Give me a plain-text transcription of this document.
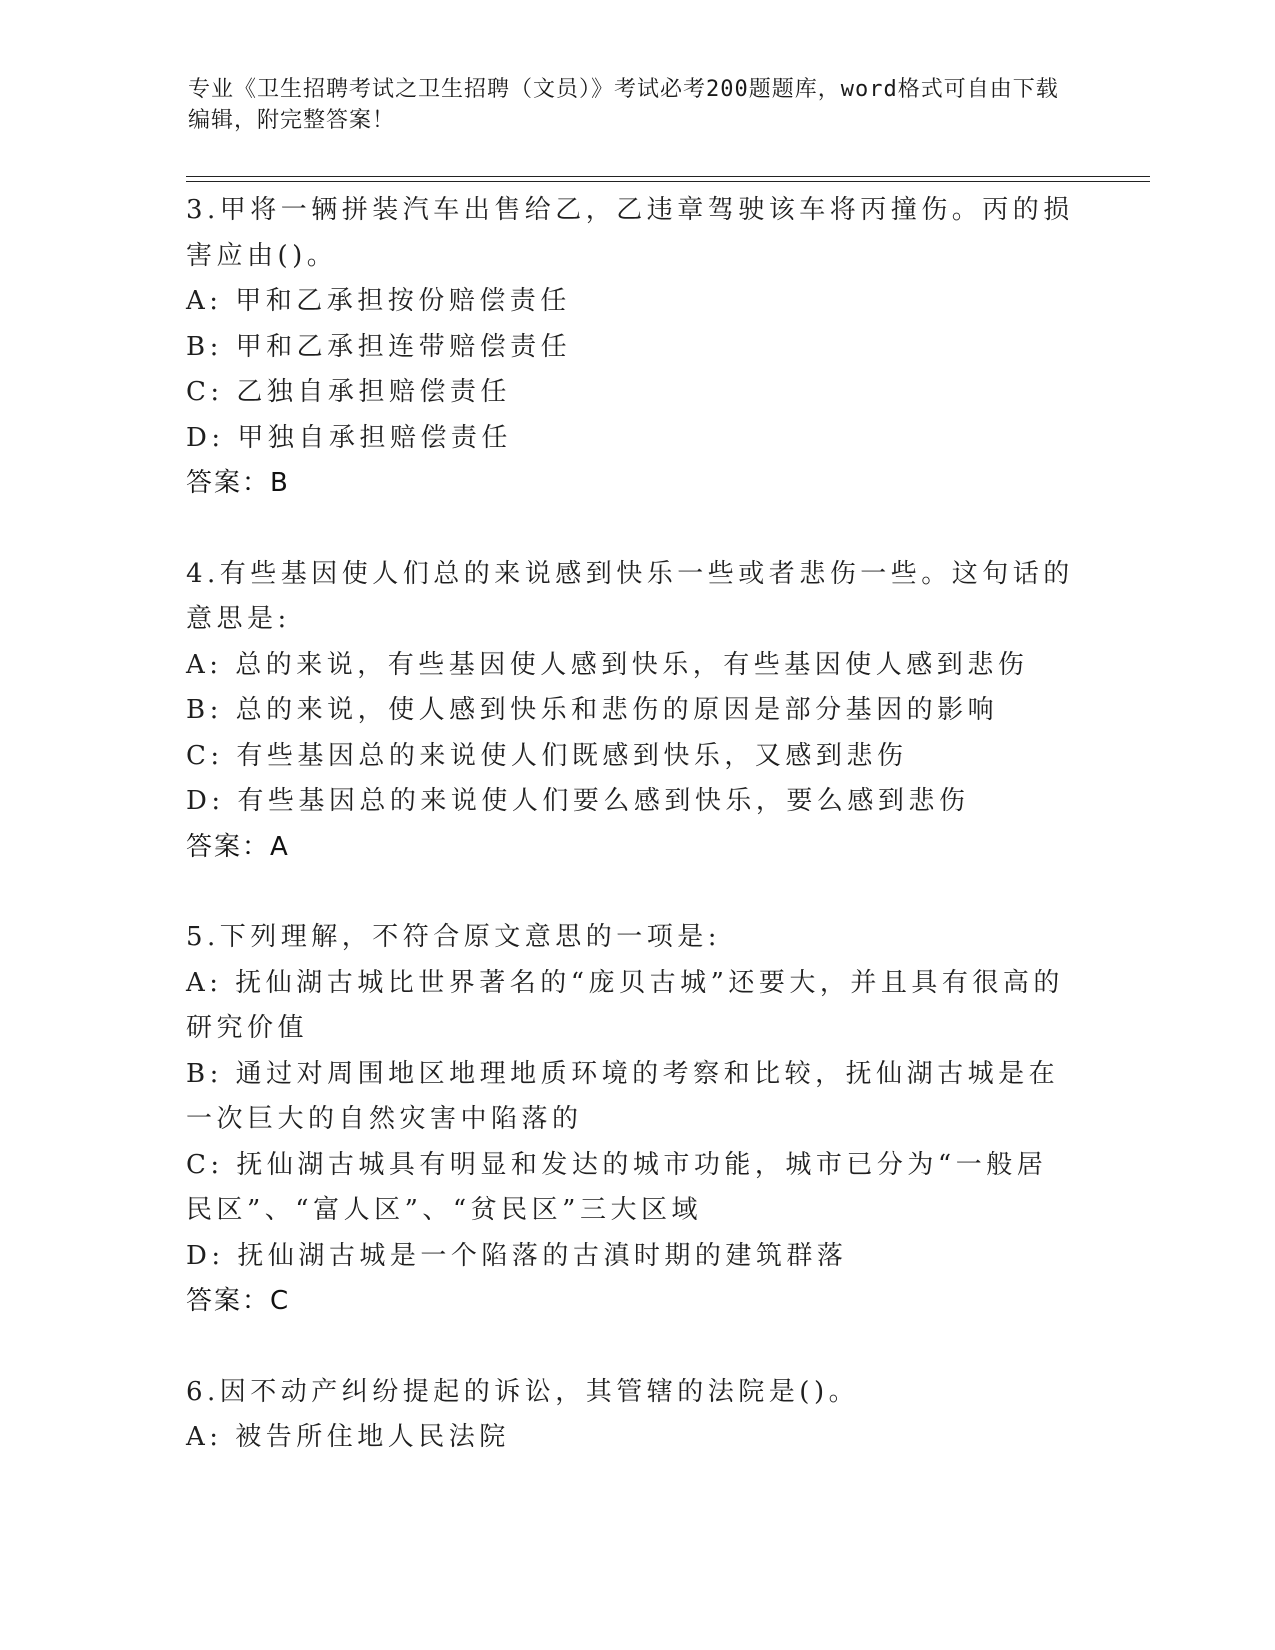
专业《卫生招聘考试之卫生招聘（文员）》考试必考200题题库，word格式可自由下载编辑，附完整答案！
3.甲将一辆拼装汽车出售给乙，乙违章驾驶该车将丙撞伤。丙的损害应由()。
A: 甲和乙承担按份赔偿责任
B: 甲和乙承担连带赔偿责任
C: 乙独自承担赔偿责任
D: 甲独自承担赔偿责任
答案：B
4.有些基因使人们总的来说感到快乐一些或者悲伤一些。这句话的意思是:
A: 总的来说，有些基因使人感到快乐，有些基因使人感到悲伤
B: 总的来说，使人感到快乐和悲伤的原因是部分基因的影响
C: 有些基因总的来说使人们既感到快乐，又感到悲伤
D: 有些基因总的来说使人们要么感到快乐，要么感到悲伤
答案：A
5.下列理解，不符合原文意思的一项是:
A: 抚仙湖古城比世界著名的“庞贝古城”还要大，并且具有很高的研究价值
B: 通过对周围地区地理地质环境的考察和比较，抚仙湖古城是在一次巨大的自然灾害中陷落的
C: 抚仙湖古城具有明显和发达的城市功能，城市已分为“一般居民区”、“富人区”、“贫民区”三大区域
D: 抚仙湖古城是一个陷落的古滇时期的建筑群落
答案：C
6.因不动产纠纷提起的诉讼，其管辖的法院是()。
A: 被告所住地人民法院
